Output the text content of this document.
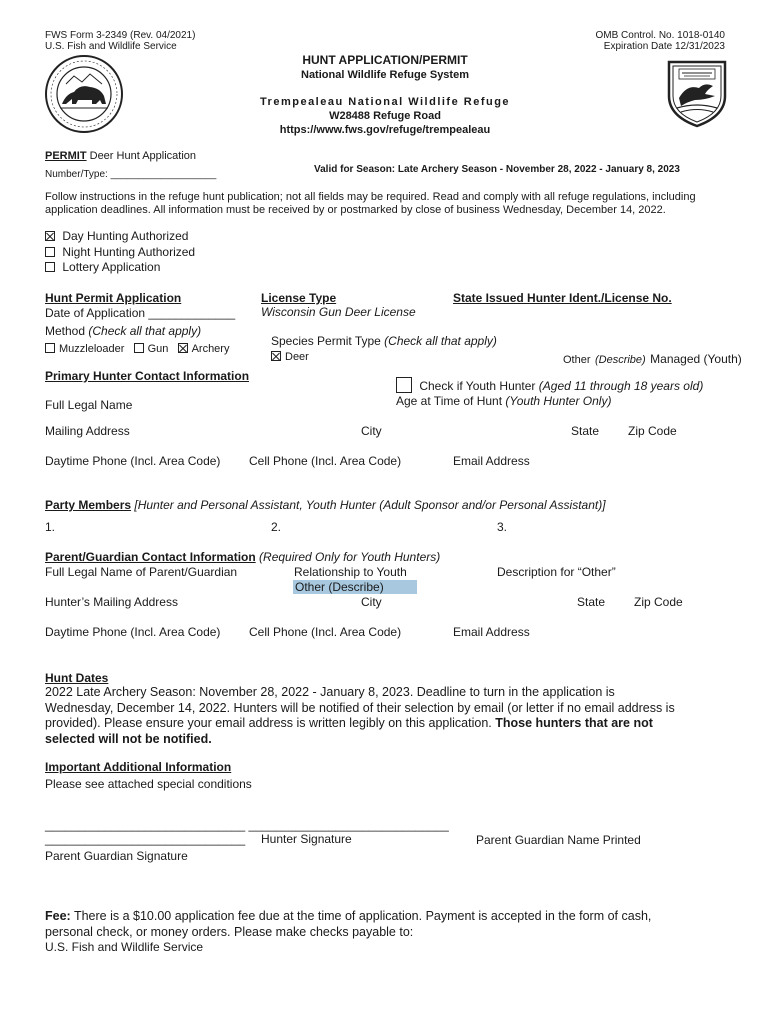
FWS Form 3-2349 (Rev. 04/2021)
U.S. Fish and Wildlife Service
OMB Control. No. 1018-0140
Expiration Date 12/31/2023
HUNT APPLICATION/PERMIT
National Wildlife Refuge System
Trempealeau National Wildlife Refuge
W28488 Refuge Road
https://www.fws.gov/refuge/trempealeau
PERMIT Deer Hunt Application
Number/Type: ___________________	Valid for Season: Late Archery Season - November 28, 2022 - January 8, 2023
Follow instructions in the refuge hunt publication; not all fields may be required. Read and comply with all refuge regulations, including application deadlines. All information must be received by or postmarked by close of business Wednesday, December 14, 2022.
Day Hunting Authorized
Night Hunting Authorized
Lottery Application
Hunt Permit Application
Date of Application _____________
Method (Check all that apply)
Muzzleloader Gun Archery
License Type
Wisconsin Gun Deer License
Species Permit Type (Check all that apply)
Deer	Other (Describe) Managed (Youth)
State Issued Hunter Ident./License No.
Primary Hunter Contact Information
Check if Youth Hunter (Aged 11 through 18 years old)
Age at Time of Hunt (Youth Hunter Only)
Full Legal Name
Mailing Address	City	State Zip Code
Daytime Phone (Incl. Area Code) Cell Phone (Incl. Area Code)	Email Address
Party Members [Hunter and Personal Assistant, Youth Hunter (Adult Sponsor and/or Personal Assistant)]
1.	2.	3.
Parent/Guardian Contact Information (Required Only for Youth Hunters)
Full Legal Name of Parent/Guardian	Relationship to Youth
Other (Describe)
Description for “Other”
Hunter’s Mailing Address	City	State Zip Code
Daytime Phone (Incl. Area Code) Cell Phone (Incl. Area Code)	Email Address
Hunt Dates
2022 Late Archery Season: November 28, 2022 - January 8, 2023. Deadline to turn in the application is Wednesday, December 14, 2022. Hunters will be notified of their selection by email (or letter if no email address is provided). Please ensure your email address is written legibly on this application. Those hunters that are not selected will not be notified.
Important Additional Information
Please see attached special conditions
______________________________ ______________________________
______________________________ Hunter Signature	Parent Guardian Name Printed
Parent Guardian Signature
Fee: There is a $10.00 application fee due at the time of application. Payment is accepted in the form of cash, personal check, or money orders. Please make checks payable to:
U.S. Fish and Wildlife Service
